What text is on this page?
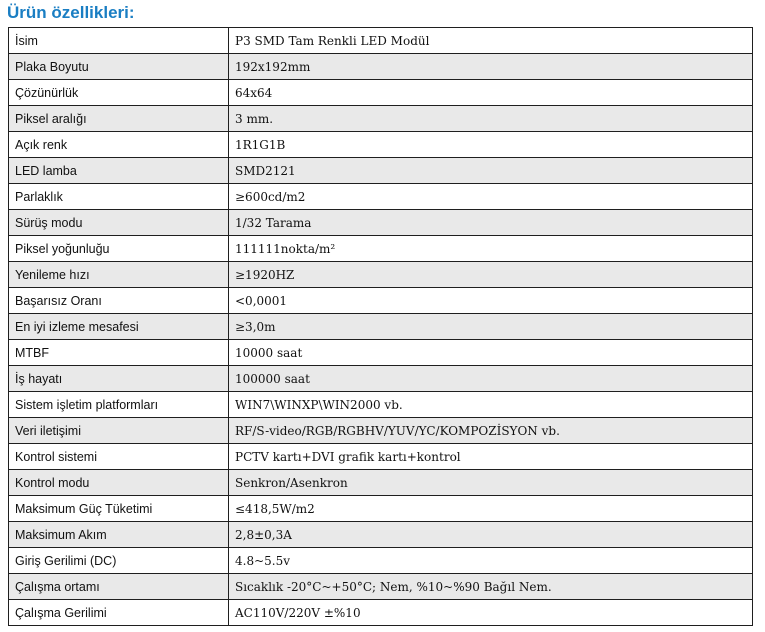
Ürün özellikleri:
İsim	P3 SMD Tam Renkli LED Modül
Plaka Boyutu	192x192mm
Çözünürlük	64x64
Piksel aralığı	3 mm.
Açık renk	1R1G1B
LED lamba	SMD2121
Parlaklık	≥600cd/m2
Sürüş modu	1/32 Tarama
Piksel yoğunluğu	111111nokta/m²
Yenileme hızı	≥1920HZ
Başarısız Oranı	<0,0001
En iyi izleme mesafesi	≥3,0m
MTBF	10000 saat
İş hayatı	100000 saat
Sistem işletim platformları	WIN7\WINXP\WIN2000 vb.
Veri iletişimi	RF/S-video/RGB/RGBHV/YUV/YC/KOMPOZİSYON vb.
Kontrol sistemi	PCTV kartı+DVI grafik kartı+kontrol
Kontrol modu	Senkron/Asenkron
Maksimum Güç Tüketimi	≤418,5W/m2
Maksimum Akım	2,8±0,3A
Giriş Gerilimi (DC)	4.8~5.5v
Çalışma ortamı	Sıcaklık -20°C~+50°C; Nem, %10~%90 Bağıl Nem.
Çalışma Gerilimi	AC110V/220V ±%10
